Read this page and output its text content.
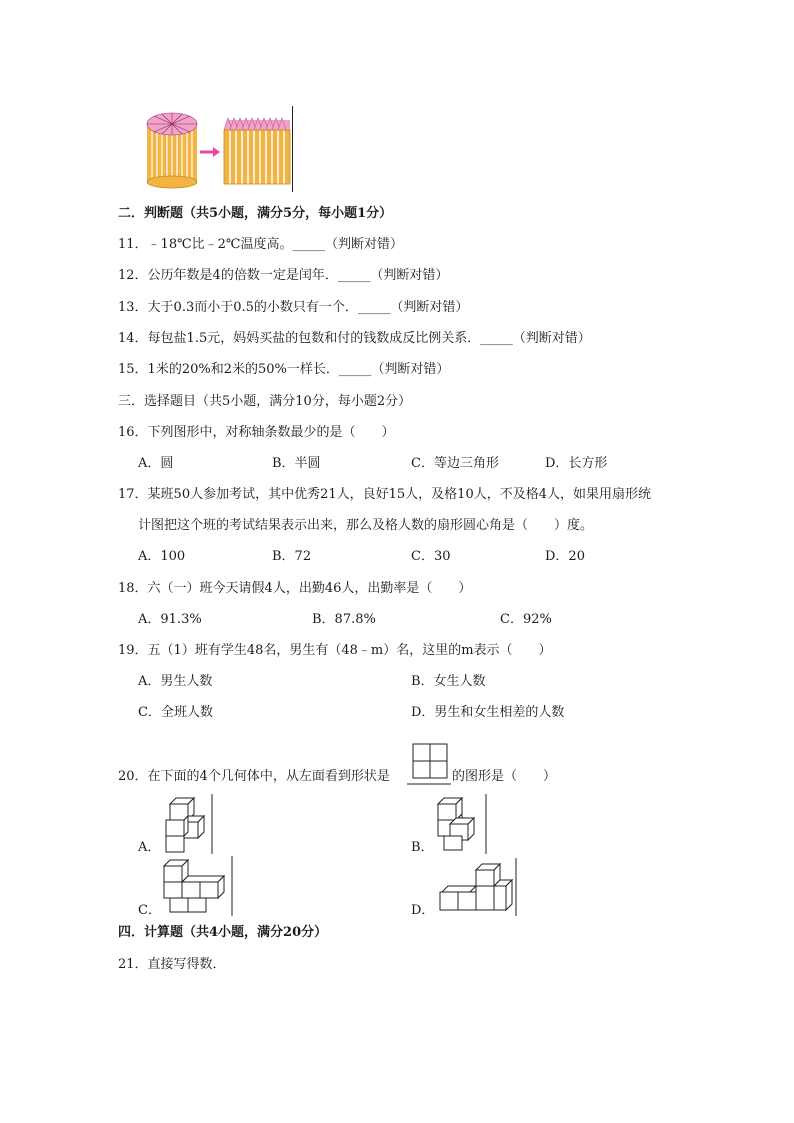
二．判断题（共5小题，满分5分，每小题1分）
11．﹣18℃比﹣2℃温度高。_____（判断对错）
12．公历年数是4的倍数一定是闰年．_____（判断对错）
13．大于0.3而小于0.5的小数只有一个．_____（判断对错）
14．每包盐1.5元，妈妈买盐的包数和付的钱数成反比例关系．_____（判断对错）
15．1米的20%和2米的50%一样长．_____（判断对错）
三．选择题目（共5小题，满分10分，每小题2分）
16．下列图形中，对称轴条数最少的是（　　）
A．圆	B．半圆	C．等边三角形	D．长方形
17．某班50人参加考试，其中优秀21人，良好15人，及格10人，不及格4人，如果用扇形统
计图把这个班的考试结果表示出来，那么及格人数的扇形圆心角是（　　）度。
A．100	B．72	C．30	D．20
18．六（一）班今天请假4人，出勤46人，出勤率是（　　）
A．91.3%	B．87.8%	C．92%
19．五（1）班有学生48名，男生有（48﹣m）名，这里的m表示（　　）
A．男生人数	B．女生人数
C．全班人数	D．男生和女生相差的人数
20．在下面的4个几何体中，从左面看到形状是	的图形是（　　）
A．	B．
C．	D．
四．计算题（共4小题，满分20分）
21．直接写得数．
